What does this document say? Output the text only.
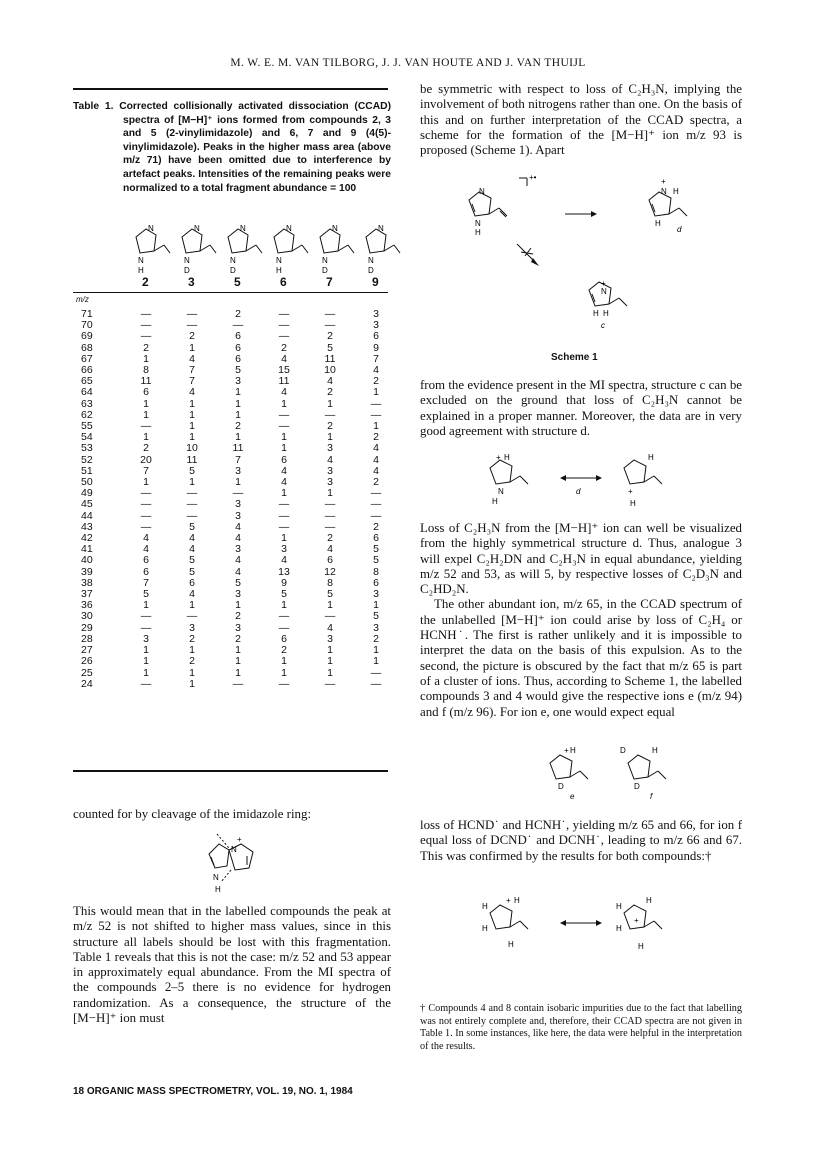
M. W. E. M. VAN TILBORG, J. J. VAN HOUTE AND J. VAN THUIJL
Table 1. Corrected collisionally activated dissociation (CCAD) spectra of [M−H]⁺ ions formed from compounds 2, 3 and 5 (2-vinylimidazole) and 6, 7 and 9 (4(5)-vinylimidazole). Peaks in the higher mass area (above m/z 71) have been omitted due to interference by artefact peaks. Intensities of the remaining peaks were normalized to a total fragment abundance = 100
N
N
H
N
N
D
N
N
D
N
N
H
N
N
D
N
N
D
2	3	5	6	7	9
m/z
71	—	—	2	—	—	3
70	—	—	—	—	—	3
69	—	2	6	—	2	6
68	2	1	6	2	5	9
67	1	4	6	4	11	7
66	8	7	5	15	10	4
65	11	7	3	11	4	2
64	6	4	1	4	2	1
63	1	1	1	1	1	—
62	1	1	1	—	—	—
55	—	1	2	—	2	1
54	1	1	1	1	1	2
53	2	10	11	1	3	4
52	20	11	7	6	4	4
51	7	5	3	4	3	4
50	1	1	1	4	3	2
49	—	—	—	1	1	—
45	—	—	3	—	—	—
44	—	—	3	—	—	—
43	—	5	4	—	—	2
42	4	4	4	1	2	6
41	4	4	3	3	4	5
40	6	5	4	4	6	5
39	6	5	4	13	12	8
38	7	6	5	9	8	6
37	5	4	3	5	5	3
36	1	1	1	1	1	1
30	—	—	2	—	—	5
29	—	3	3	—	4	3
28	3	2	2	6	3	2
27	1	1	1	2	1	1
26	1	2	1	1	1	1
25	1	1	1	1	1	—
24	—	1	—	—	—	—

counted for by cleavage of the imidazole ring:

N
+
N
H

This would mean that in the labelled compounds the peak at m/z 52 is not shifted to higher mass values, since in this structure all labels should be lost with this fragmentation. Table 1 reveals that this is not the case: m/z 52 and 53 appear in approximately equal abundance. From the MI spectra of the compounds 2–5 there is no evidence for hydrogen randomization. As a consequence, the structure of the [M−H]⁺ ion must

be symmetric with respect to loss of C₂H₃N, implying the involvement of both nitrogens rather than one. On the basis of this and on further interpretation of the CCAD spectra, a scheme for the formation of the [M−H]⁺ ion m/z 93 is proposed (Scheme 1). Apart

N
N
H
+•
N
+
H
H
d
N
+
H H
c
Scheme 1

from the evidence present in the MI spectra, structure c can be excluded on the ground that loss of C₂H₃N cannot be explained in a proper manner. Moreover, the data are in very good agreement with structure d.

H
+
N
H
d
H
+
H

Loss of C₂H₃N from the [M−H]⁺ ion can well be visualized from the highly symmetrical structure d. Thus, analogue 3 will expel C₂H₂DN and C₂H₃N in equal abundance, yielding m/z 52 and 53, as will 5, by respective losses of C₂D₃N and C₂HD₂N.

The other abundant ion, m/z 65, in the CCAD spectrum of the unlabelled [M−H]⁺ ion could arise by loss of C₂H₄ or HCNH˙. The first is rather unlikely and it is impossible to interpret the data on the basis of this expulsion. As to the second, the picture is obscured by the fact that m/z 65 is part of a cluster of ions. Thus, according to Scheme 1, the labelled compounds 3 and 4 would give the respective ions e (m/z 94) and f (m/z 96). For ion e, one would expect equal

+ H
D
e
D	H
D
f

loss of HCND˙ and HCNH˙, yielding m/z 65 and 66, for ion f equal loss of DCND˙ and DCNH˙, leading to m/z 66 and 67. This was confirmed by the results for both compounds:†

H
+ H
H
H
H
H
+
H
H
† Compounds 4 and 8 contain isobaric impurities due to the fact that labelling was not entirely complete and, therefore, their CCAD spectra are not given in Table 1. In some instances, like here, the data were helpful in the interpretation of the results.
18 ORGANIC MASS SPECTROMETRY, VOL. 19, NO. 1, 1984
